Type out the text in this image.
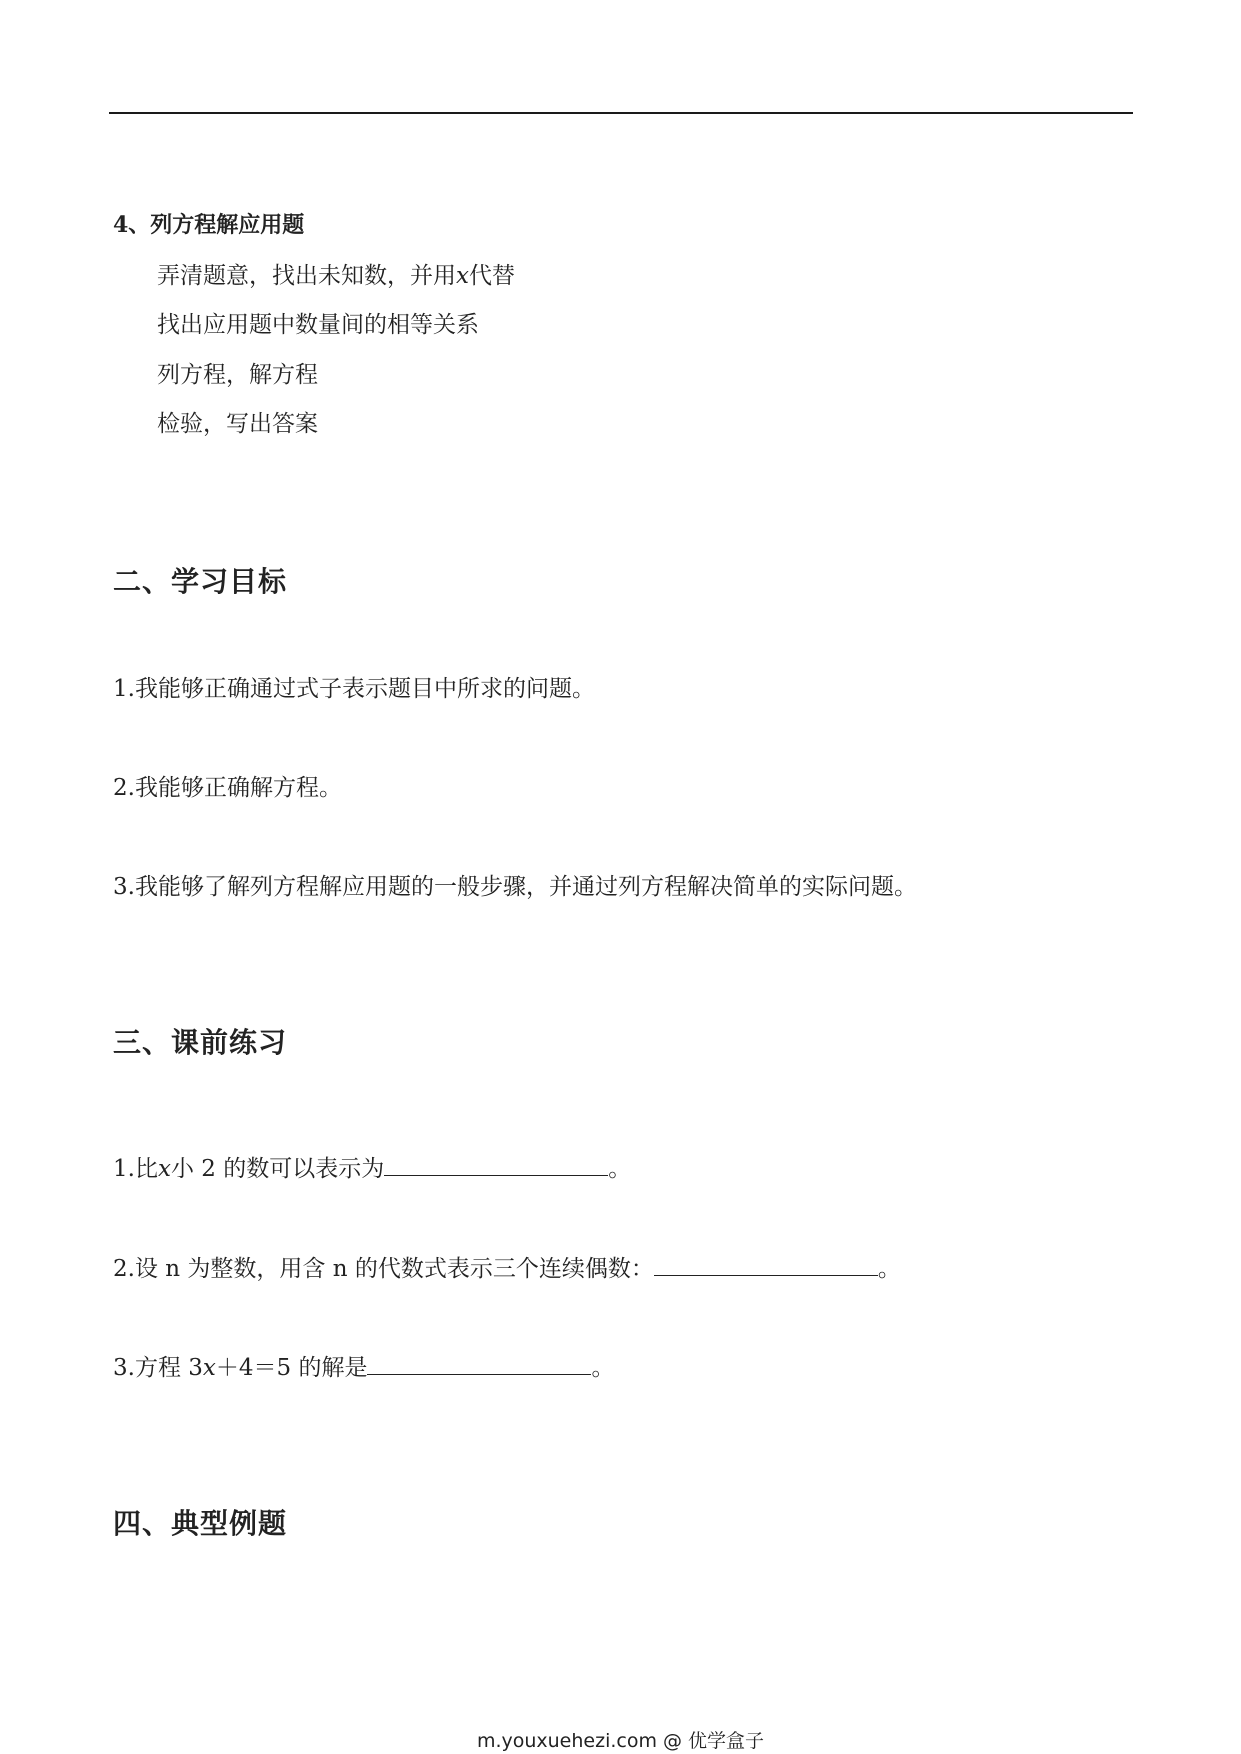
4、列方程解应用题
弄清题意，找出未知数，并用x代替
找出应用题中数量间的相等关系
列方程，解方程
检验，写出答案
二、学习目标
1.我能够正确通过式子表示题目中所求的问题。
2.我能够正确解方程。
3.我能够了解列方程解应用题的一般步骤，并通过列方程解决简单的实际问题。
三、课前练习
1.比x小 2 的数可以表示为	。
2.设 n 为整数，用含 n 的代数式表示三个连续偶数：	。
3.方程 3x＋4＝5 的解是	。
四、典型例题
m.youxuehezi.com @ 优学盒子
